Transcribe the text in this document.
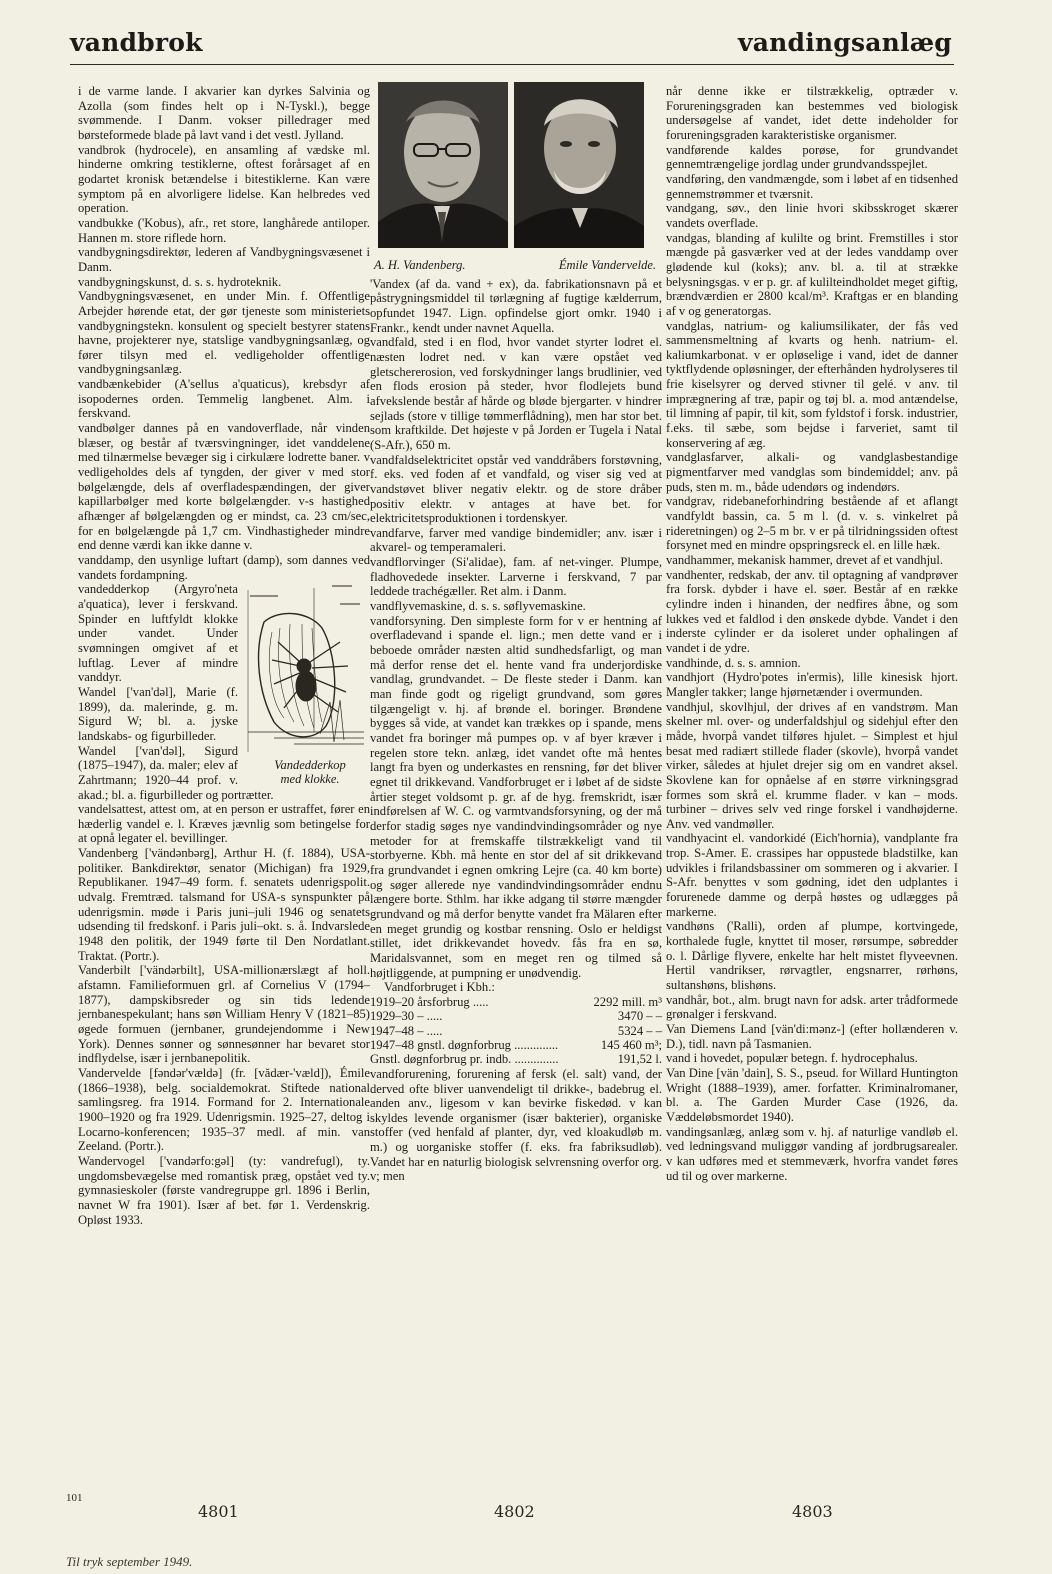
vandbrok	vandingsanlæg

i de varme lande. I akvarier kan dyrkes Salvinia og Azolla (som findes helt op i N-Tyskl.), begge svømmende. I Danm. vokser pilledrager med børsteformede blade på lavt vand i det vestl. Jylland.

vandbrok (hydrocele), en ansamling af vædske ml. hinderne omkring testiklerne, oftest forårsaget af en godartet kronisk betændelse i bitestiklerne. Kan være symptom på en alvorligere lidelse. Kan helbredes ved operation.

vandbukke ('Kobus), afr., ret store, langhårede antiloper. Hannen m. store riflede horn.

vandbygningsdirektør, lederen af Vandbygningsvæsenet i Danm.

vandbygningskunst, d. s. s. hydroteknik.

Vandbygningsvæsenet, en under Min. f. Offentlige Arbejder hørende etat, der gør tjeneste som ministeriets vandbygningstekn. konsulent og specielt bestyrer statens havne, projekterer nye, statslige vandbygningsanlæg, og fører tilsyn med el. vedligeholder offentlige vandbygningsanlæg.

vandbænkebider (A'sellus a'quaticus), krebsdyr af isopodernes orden. Temmelig langbenet. Alm. i ferskvand.

vandbølger dannes på en vandoverflade, når vinden blæser, og består af tværsvingninger, idet vanddelene med tilnærmelse bevæger sig i cirkulære lodrette baner. v vedligeholdes dels af tyngden, der giver v med stor bølgelængde, dels af overfladespændingen, der giver kapillarbølger med korte bølgelængder. v-s hastighed afhænger af bølgelængden og er mindst, ca. 23 cm/sec, for en bølgelængde på 1,7 cm. Vindhastigheder mindre end denne værdi kan ikke danne v.

vanddamp, den usynlige luftart (damp), som dannes ved vandets fordampning.

Vandedderkop
med klokke.

vandedderkop (Argyro'neta a'quatica), lever i ferskvand. Spinder en luftfyldt klokke under vandet. Under svømningen omgivet af et luftlag. Lever af mindre vanddyr.

Wandel ['van'dəl], Marie (f. 1899), da. malerinde, g. m. Sigurd W; bl. a. jyske landskabs- og figurbilleder.

Wandel ['van'dəl], Sigurd (1875–1947), da. maler; elev af Zahrtmann; 1920–44 prof. v. akad.; bl. a. figurbilleder og portrætter.

vandelsattest, attest om, at en person er ustraffet, fører en hæderlig vandel e. l. Kræves jævnlig som betingelse for at opnå legater el. bevillinger.

Vandenberg ['vändənbərg], Arthur H. (f. 1884), USA-politiker. Bankdirektør, senator (Michigan) fra 1929, Republikaner. 1947–49 form. f. senatets udenrigspolit. udvalg. Fremtræd. talsmand for USA-s synspunkter på udenrigsmin. møde i Paris juni–juli 1946 og senatets udsending til fredskonf. i Paris juli–okt. s. å. Indvarslede 1948 den politik, der 1949 førte til Den Nordatlant. Traktat. (Portr.).

Vanderbilt ['vändərbilt], USA-millionærslægt af holl. afstamn. Familieformuen grl. af Cornelius V (1794–1877), dampskibsreder og sin tids ledende jernbanespekulant; hans søn William Henry V (1821–85) øgede formuen (jernbaner, grundejendomme i New York). Dennes sønner og sønnesønner har bevaret stor indflydelse, især i jernbanepolitik.

Vandervelde [fəndər'vældə] (fr. [vădær-'væld]), Émile (1866–1938), belg. socialdemokrat. Stiftede national samlingsreg. fra 1914. Formand for 2. Internationale 1900–1920 og fra 1929. Udenrigsmin. 1925–27, deltog i Locarno-konferencen; 1935–37 medl. af min. van Zeeland. (Portr.).

Wandervogel ['vandərfo:gəl] (ty: vandrefugl), ty. ungdomsbevægelse med romantisk præg, opstået ved ty. gymnasieskoler (første vandregruppe grl. 1896 i Berlin, navnet W fra 1901). Især af bet. før 1. Verdenskrig. Opløst 1933.

A. H. Vandenberg.	Émile Vandervelde.

'Vandex (af da. vand + ex), da. fabrikationsnavn på et påstrygningsmiddel til tørlægning af fugtige kælderrum, opfundet 1947. Lign. opfindelse gjort omkr. 1940 i Frankr., kendt under navnet Aquella.

vandfald, sted i en flod, hvor vandet styrter lodret el. næsten lodret ned. v kan være opstået ved gletschererosion, ved forskydninger langs brudlinier, ved en flods erosion på steder, hvor flodlejets bund afvekslende består af hårde og bløde bjergarter. v hindrer sejlads (store v tillige tømmerflådning), men har stor bet. som kraftkilde. Det højeste v på Jorden er Tugela i Natal (S-Afr.), 650 m.

vandfaldselektricitet opstår ved vanddråbers forstøvning, f. eks. ved foden af et vandfald, og viser sig ved at vandstøvet bliver negativ elektr. og de store dråber positiv elektr. v antages at have bet. for elektricitetsproduktionen i tordenskyer.

vandfarve, farver med vandige bindemidler; anv. især i akvarel- og temperamaleri.

vandflorvinger (Si'alidae), fam. af net-vinger. Plumpe, fladhovedede insekter. Larverne i ferskvand, 7 par leddede trachégæller. Ret alm. i Danm.

vandflyvemaskine, d. s. s. søflyvemaskine.

vandforsyning. Den simpleste form for v er hentning af overfladevand i spande el. lign.; men dette vand er i beboede områder næsten altid sundhedsfarligt, og man må derfor rense det el. hente vand fra underjordiske vandlag, grundvandet. – De fleste steder i Danm. kan man finde godt og rigeligt grundvand, som gøres tilgængeligt v. hj. af brønde el. boringer. Brøndene bygges så vide, at vandet kan trækkes op i spande, mens vandet fra boringer må pumpes op. v af byer kræver i regelen store tekn. anlæg, idet vandet ofte må hentes langt fra byen og underkastes en rensning, før det bliver egnet til drikkevand. Vandforbruget er i løbet af de sidste årtier steget voldsomt p. gr. af de hyg. fremskridt, især indførelsen af W. C. og varmtvandsforsyning, og der må derfor stadig søges nye vandindvindingsområder og nye metoder for at fremskaffe tilstrækkeligt vand til storbyerne. Kbh. må hente en stor del af sit drikkevand fra grundvandet i egnen omkring Lejre (ca. 40 km borte) og søger allerede nye vandindvindingsområder endnu længere borte. Sthlm. har ikke adgang til større mængder grundvand og må derfor benytte vandet fra Mälaren efter en meget grundig og kostbar rensning. Oslo er heldigst stillet, idet drikkevandet hovedv. fås fra en sø, Maridalsvannet, som en meget ren og tilmed så højtliggende, at pumpning er unødvendig.

Vandforbruget i Kbh.:

1919–20 årsforbrug .....	2292 mill. m³
1929–30 – .....	3470 – –
1947–48 – .....	5324 – –
1947–48 gnstl. døgnforbrug ..............	145 460 m³;
Gnstl. døgnforbrug pr. indb. ..............	191,52 l.

vandforurening, forurening af fersk (el. salt) vand, der derved ofte bliver uanvendeligt til drikke-, badebrug el. anden anv., ligesom v kan bevirke fiskedød. v kan skyldes levende organismer (især bakterier), organiske stoffer (ved henfald af planter, dyr, ved kloakudløb m. m.) og uorganiske stoffer (f. eks. fra fabriksudløb). Vandet har en naturlig biologisk selvrensning overfor org. v; men

når denne ikke er tilstrækkelig, optræder v. Forureningsgraden kan bestemmes ved biologisk undersøgelse af vandet, idet dette indeholder for forureningsgraden karakteristiske organismer.

vandførende kaldes porøse, for grundvandet gennemtrængelige jordlag under grundvandsspejlet.

vandføring, den vandmængde, som i løbet af en tidsenhed gennemstrømmer et tværsnit.

vandgang, søv., den linie hvori skibsskroget skærer vandets overflade.

vandgas, blanding af kulilte og brint. Fremstilles i stor mængde på gasværker ved at der ledes vanddamp over glødende kul (koks); anv. bl. a. til at strække belysningsgas. v er p. gr. af kulilteindholdet meget giftig, brændværdien er 2800 kcal/m³. Kraftgas er en blanding af v og generatorgas.

vandglas, natrium- og kaliumsilikater, der fås ved sammensmeltning af kvarts og henh. natrium- el. kaliumkarbonat. v er opløselige i vand, idet de danner tyktflydende opløsninger, der efterhånden hydrolyseres til frie kiselsyrer og derved stivner til gelé. v anv. til imprægnering af træ, papir og tøj bl. a. mod antændelse, til limning af papir, til kit, som fyldstof i forsk. industrier, f.eks. til sæbe, som bejdse i farveriet, samt til konservering af æg.

vandglasfarver, alkali- og vandglasbestandige pigmentfarver med vandglas som bindemiddel; anv. på puds, sten m. m., både udendørs og indendørs.

vandgrav, ridebaneforhindring bestående af et aflangt vandfyldt bassin, ca. 5 m l. (d. v. s. vinkelret på rideretningen) og 2–5 m br. v er på tilridningssiden oftest forsynet med en mindre opspringsreck el. en lille hæk.

vandhammer, mekanisk hammer, drevet af et vandhjul.

vandhenter, redskab, der anv. til optagning af vandprøver fra forsk. dybder i have el. søer. Består af en række cylindre inden i hinanden, der nedfires åbne, og som lukkes ved et faldlod i den ønskede dybde. Vandet i den inderste cylinder er da isoleret under ophalingen af vandet i de ydre.

vandhinde, d. s. s. amnion.

vandhjort (Hydro'potes in'ermis), lille kinesisk hjort. Mangler takker; lange hjørnetænder i overmunden.

vandhjul, skovlhjul, der drives af en vandstrøm. Man skelner ml. over- og underfaldshjul og sidehjul efter den måde, hvorpå vandet tilføres hjulet. – Simplest et hjul besat med radiært stillede flader (skovle), hvorpå vandet virker, således at hjulet drejer sig om en vandret aksel. Skovlene kan for opnåelse af en større virkningsgrad formes som skrå el. krumme flader. v kan – mods. turbiner – drives selv ved ringe forskel i vandhøjderne. Anv. ved vandmøller.

vandhyacint el. vandorkidé (Eich'hornia), vandplante fra trop. S-Amer. E. crassipes har oppustede bladstilke, kan udvikles i frilandsbassiner om sommeren og i akvarier. I S-Afr. benyttes v som gødning, idet den udplantes i forurenede damme og derpå høstes og udlægges på markerne.

vandhøns ('Ralli), orden af plumpe, kortvingede, korthalede fugle, knyttet til moser, rørsumpe, søbredder o. l. Dårlige flyvere, enkelte har helt mistet flyveevnen. Hertil vandrikser, rørvagtler, engsnarrer, rørhøns, sultanshøns, blishøns.

vandhår, bot., alm. brugt navn for adsk. arter trådformede grønalger i ferskvand.

Van Diemens Land [vän'di:mənz-] (efter hollænderen v. D.), tidl. navn på Tasmanien.

vand i hovedet, populær betegn. f. hydrocephalus.

Van Dine [vän 'dain], S. S., pseud. for Willard Huntington Wright (1888–1939), amer. forfatter. Kriminalromaner, bl. a. The Garden Murder Case (1926, da. Væddeløbsmordet 1940).

vandingsanlæg, anlæg som v. hj. af naturlige vandløb el. ved ledningsvand muliggør vanding af jordbrugsarealer. v kan udføres med et stemmeværk, hvorfra vandet føres ud til og over markerne.

101
4801	4802	4803
Til tryk september 1949.
